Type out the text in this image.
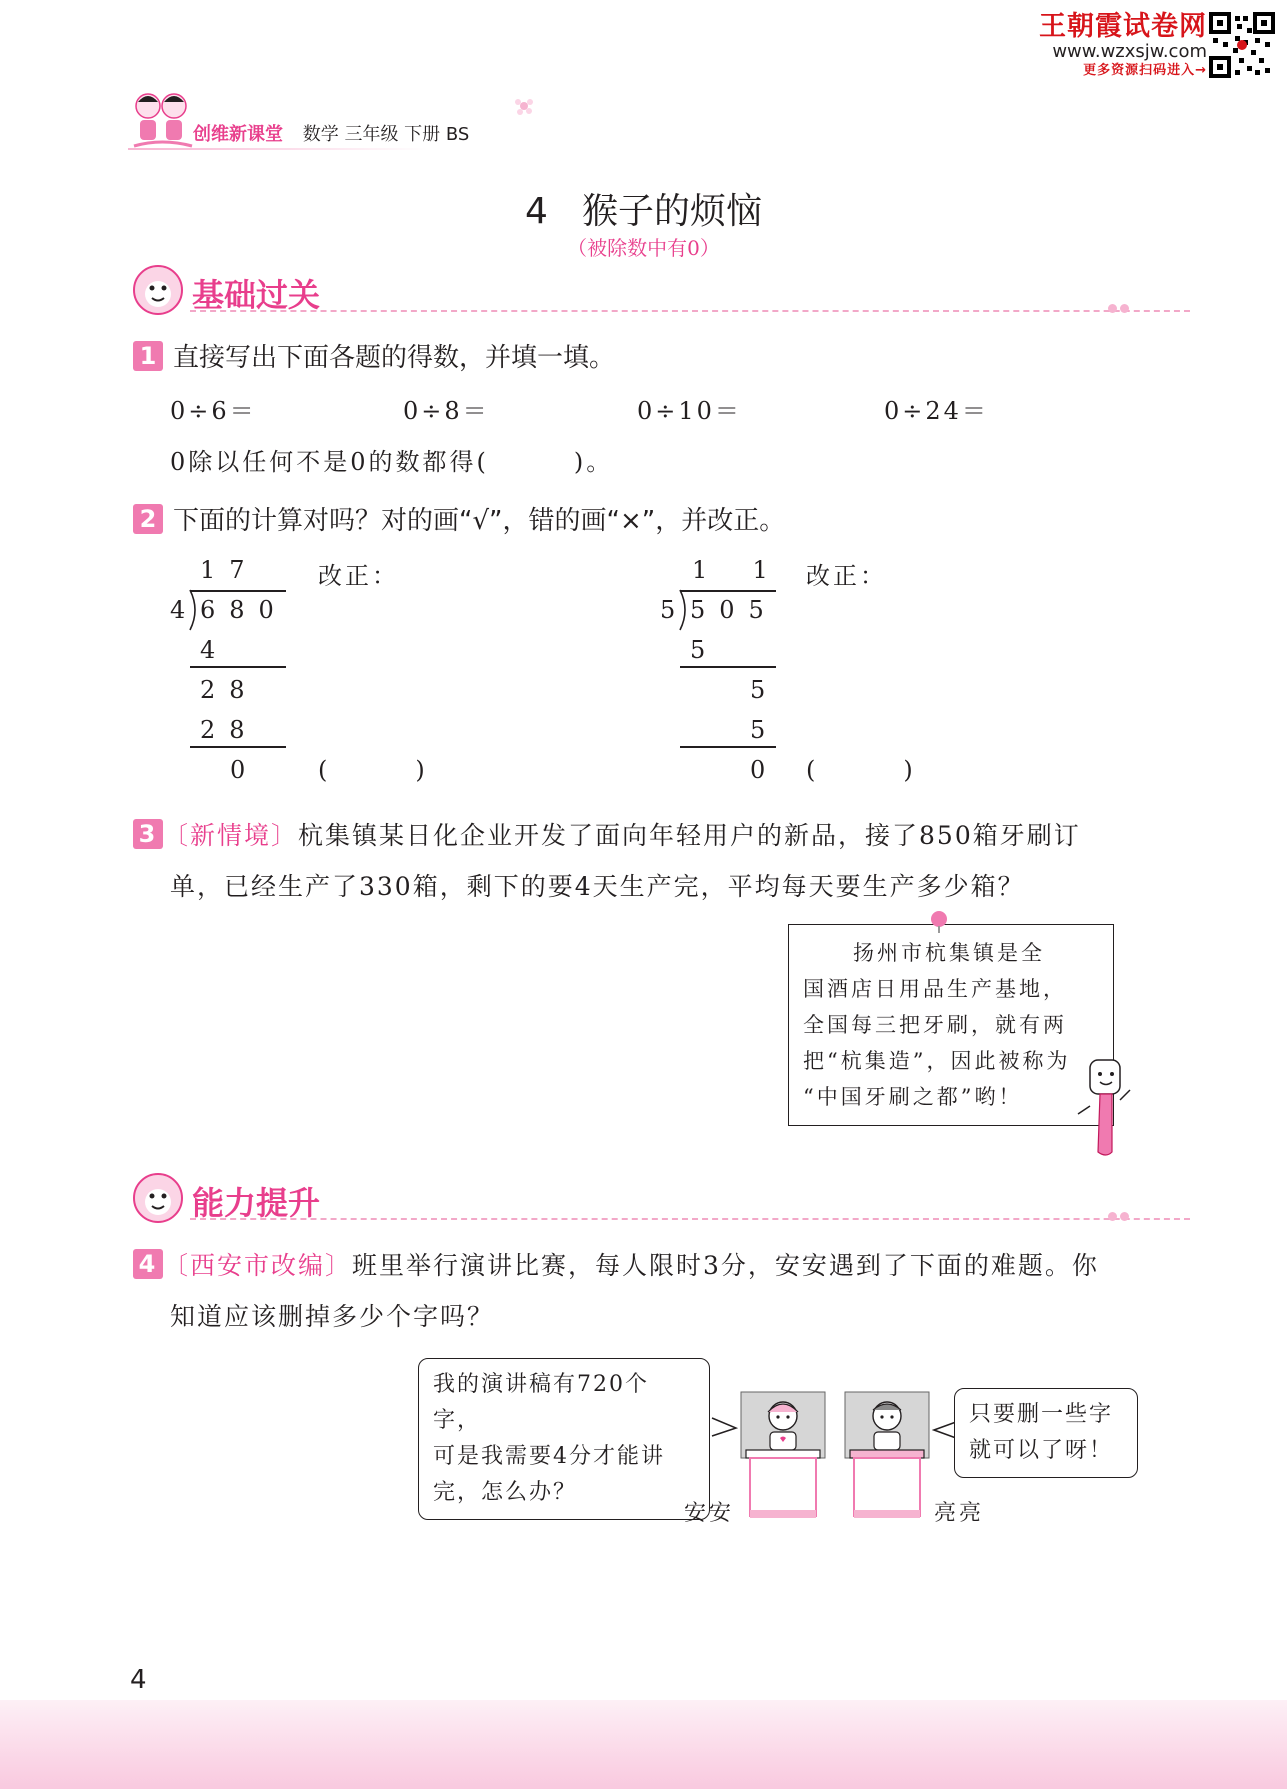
王朝霞试卷网
www.wzxsjw.com
更多资源扫码进入→
创维新课堂 数学 三年级 下册 BS
4 猴子的烦恼
（被除数中有0）
基础过关
1 直接写出下面各题的得数，并填一填。
0÷6＝	0÷8＝	0÷10＝	0÷24＝
0除以任何不是0的数都得(        )。
2 下面的计算对吗？对的画“√”，错的画“×”，并改正。
17
4 680
4
28
28
0
改正：
(        )
1  1
5 505
5
5
5
0
改正：
(        )
3 〔新情境〕杭集镇某日化企业开发了面向年轻用户的新品，接了850箱牙刷订
单，已经生产了330箱，剩下的要4天生产完，平均每天要生产多少箱？
扬州市杭集镇是全
国酒店日用品生产基地，
全国每三把牙刷，就有两
把“杭集造”，因此被称为
“中国牙刷之都”哟！
能力提升
4 〔西安市改编〕班里举行演讲比赛，每人限时3分，安安遇到了下面的难题。你
知道应该删掉多少个字吗？
我的演讲稿有720个字，
可是我需要4分才能讲
完，怎么办？
只要删一些字
就可以了呀！
安安	亮亮
4
